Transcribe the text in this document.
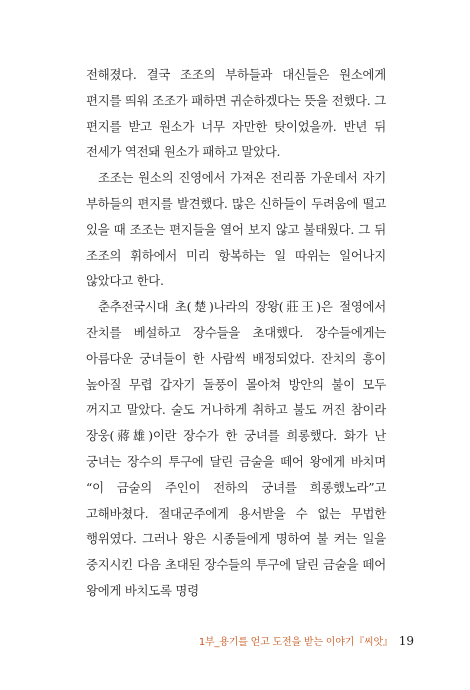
전해졌다. 결국 조조의 부하들과 대신들은 원소에게 편지를 띄워 조조가 패하면 귀순하겠다는 뜻을 전했다. 그 편지를 받고 원소가 너무 자만한 탓이었을까. 반년 뒤 전세가 역전돼 원소가 패하고 말았다.

조조는 원소의 진영에서 가져온 전리품 가운데서 자기 부하들의 편지를 발견했다. 많은 신하들이 두려움에 떨고 있을 때 조조는 편지들을 열어 보지 않고 불태웠다. 그 뒤 조조의 휘하에서 미리 항복하는 일 따위는 일어나지 않았다고 한다.

춘추전국시대 초(楚)나라의 장왕(莊王)은 절영에서 잔치를 베설하고 장수들을 초대했다. 장수들에게는 아름다운 궁녀들이 한 사람씩 배정되었다. 잔치의 흥이 높아질 무렵 갑자기 돌풍이 몰아쳐 방안의 불이 모두 꺼지고 말았다. 술도 거나하게 취하고 불도 꺼진 참이라 장웅(蔣雄)이란 장수가 한 궁녀를 희롱했다. 화가 난 궁녀는 장수의 투구에 달린 금술을 떼어 왕에게 바치며 “이 금술의 주인이 전하의 궁녀를 희롱했노라”고 고해바쳤다. 절대군주에게 용서받을 수 없는 무법한 행위였다. 그러나 왕은 시종들에게 명하여 불 켜는 일을 중지시킨 다음 초대된 장수들의 투구에 달린 금술을 떼어 왕에게 바치도록 명령

1부_용기를 얻고 도전을 받는 이야기『씨앗』 19
